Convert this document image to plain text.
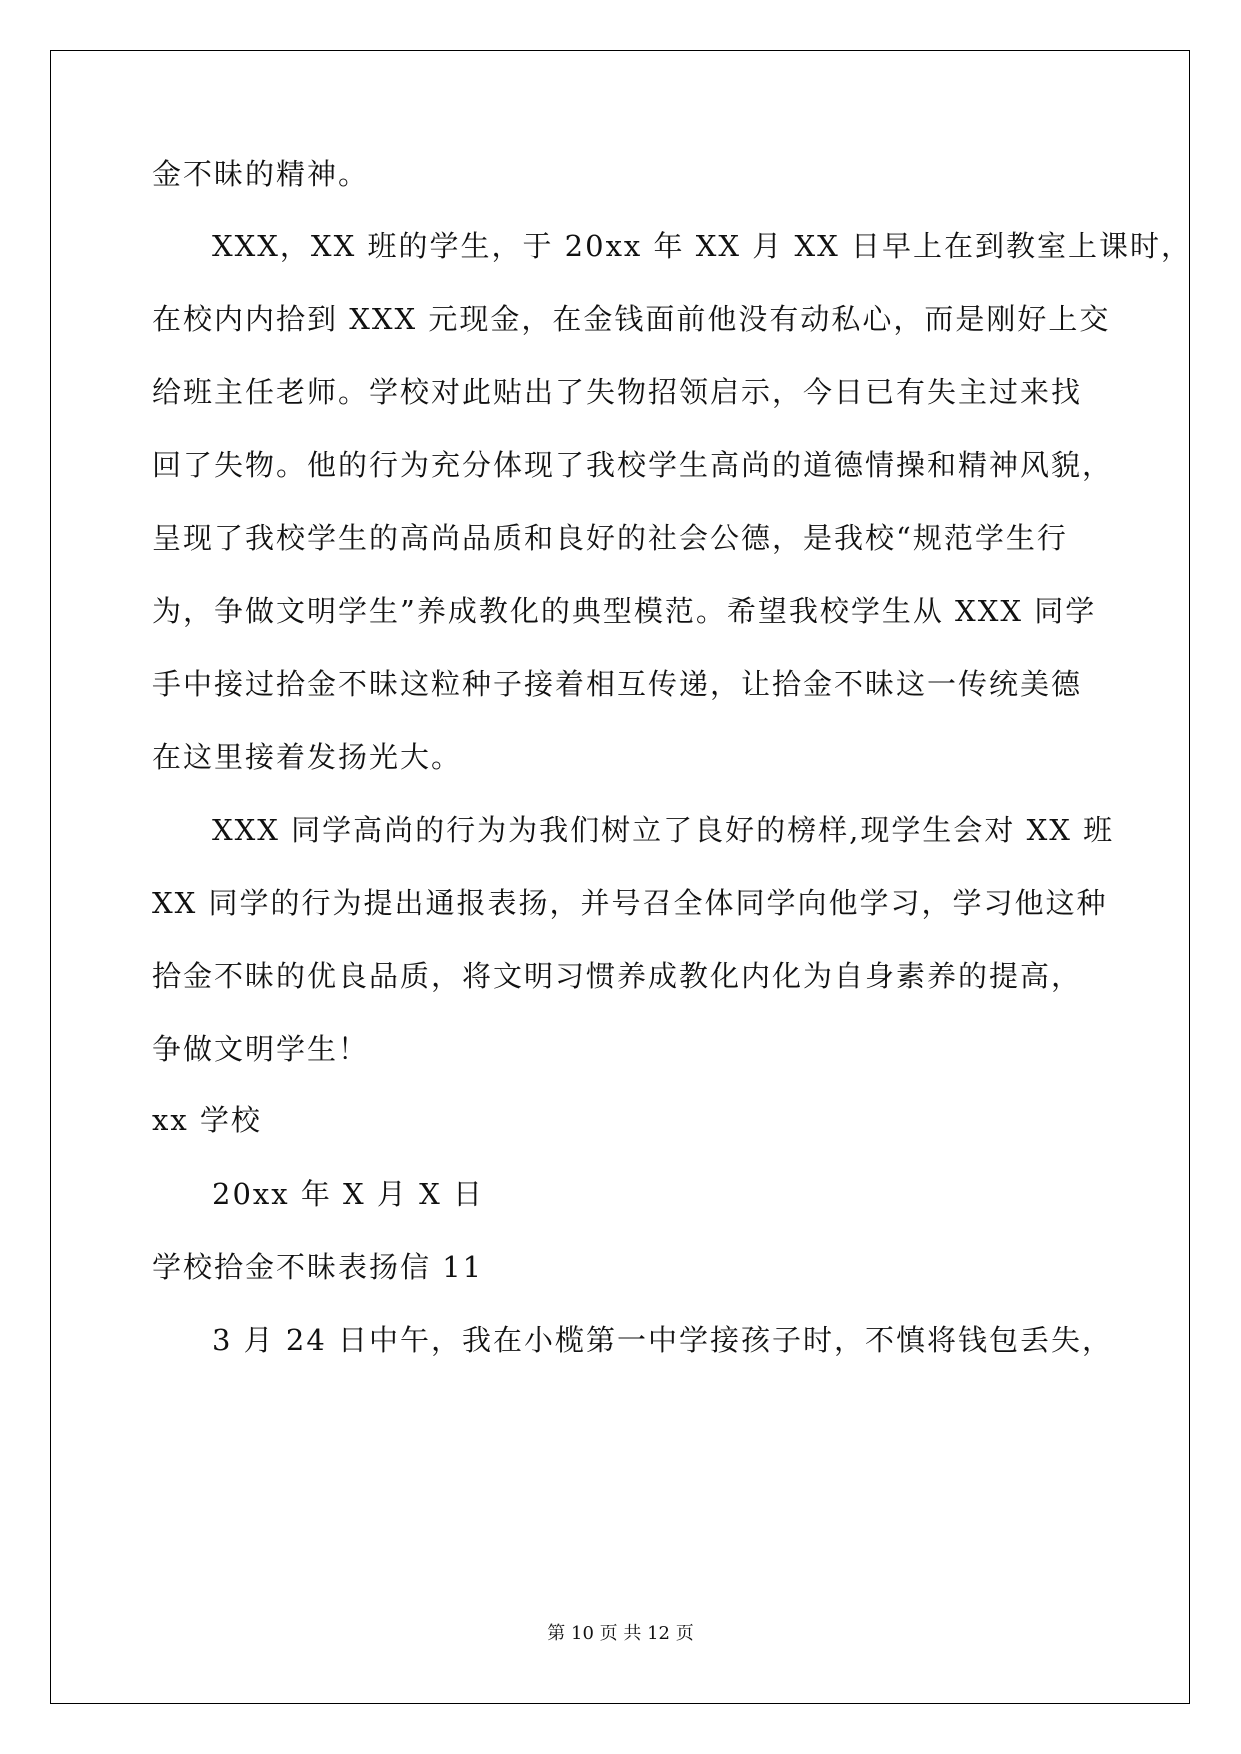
金不昧的精神。

XXX，XX 班的学生，于 20xx 年 XX 月 XX 日早上在到教室上课时，

在校内内拾到 XXX 元现金，在金钱面前他没有动私心，而是刚好上交

给班主任老师。学校对此贴出了失物招领启示，今日已有失主过来找

回了失物。他的行为充分体现了我校学生高尚的道德情操和精神风貌，

呈现了我校学生的高尚品质和良好的社会公德，是我校“规范学生行

为，争做文明学生”养成教化的典型模范。希望我校学生从 XXX 同学

手中接过拾金不昧这粒种子接着相互传递，让拾金不昧这一传统美德

在这里接着发扬光大。

XXX 同学高尚的行为为我们树立了良好的榜样,现学生会对 XX 班

XX 同学的行为提出通报表扬，并号召全体同学向他学习，学习他这种

拾金不昧的优良品质，将文明习惯养成教化内化为自身素养的提高，

争做文明学生！

xx 学校

20xx 年 X 月 X 日

学校拾金不昧表扬信 11

3 月 24 日中午，我在小榄第一中学接孩子时，不慎将钱包丢失，

第 10 页 共 12 页
